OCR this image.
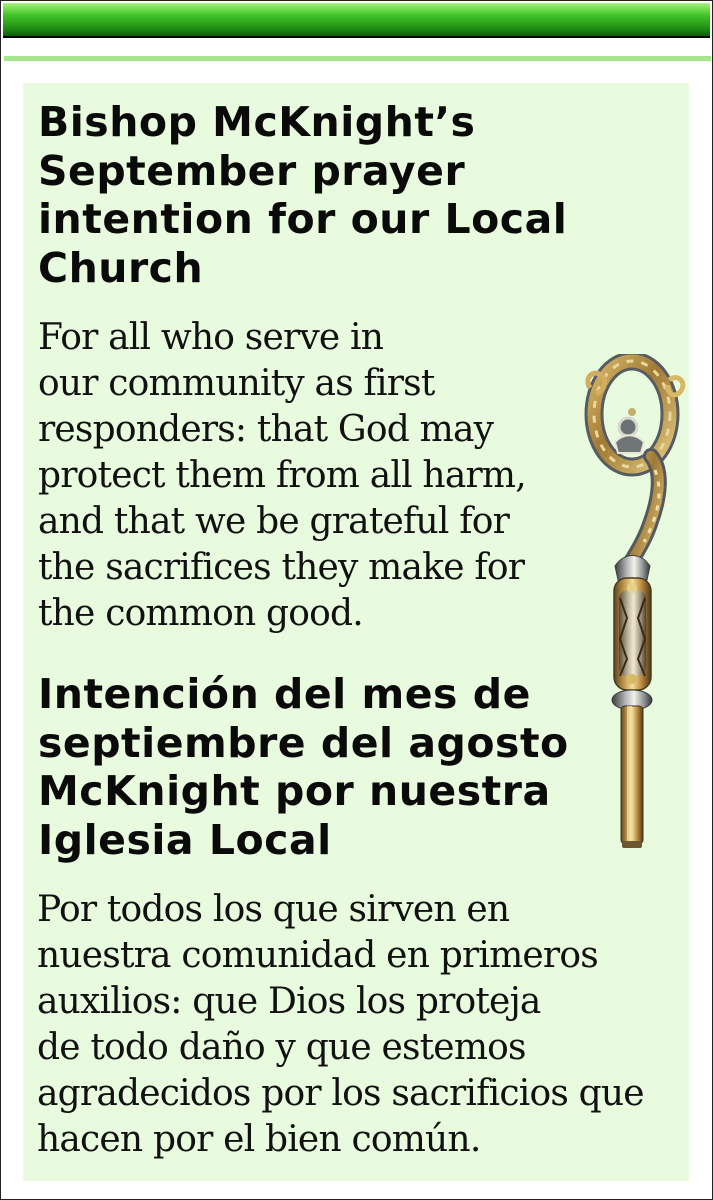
Bishop McKnight’s
September prayer
intention for our Local
Church

For all who serve in
our community as first
responders: that God may
protect them from all harm,
and that we be grateful for
the sacrifices they make for
the common good.

Intención del mes de
septiembre del agosto
McKnight por nuestra
Iglesia Local

Por todos los que sirven en
nuestra comunidad en primeros
auxilios: que Dios los proteja
de todo daño y que estemos
agradecidos por los sacrificios que
hacen por el bien común.
